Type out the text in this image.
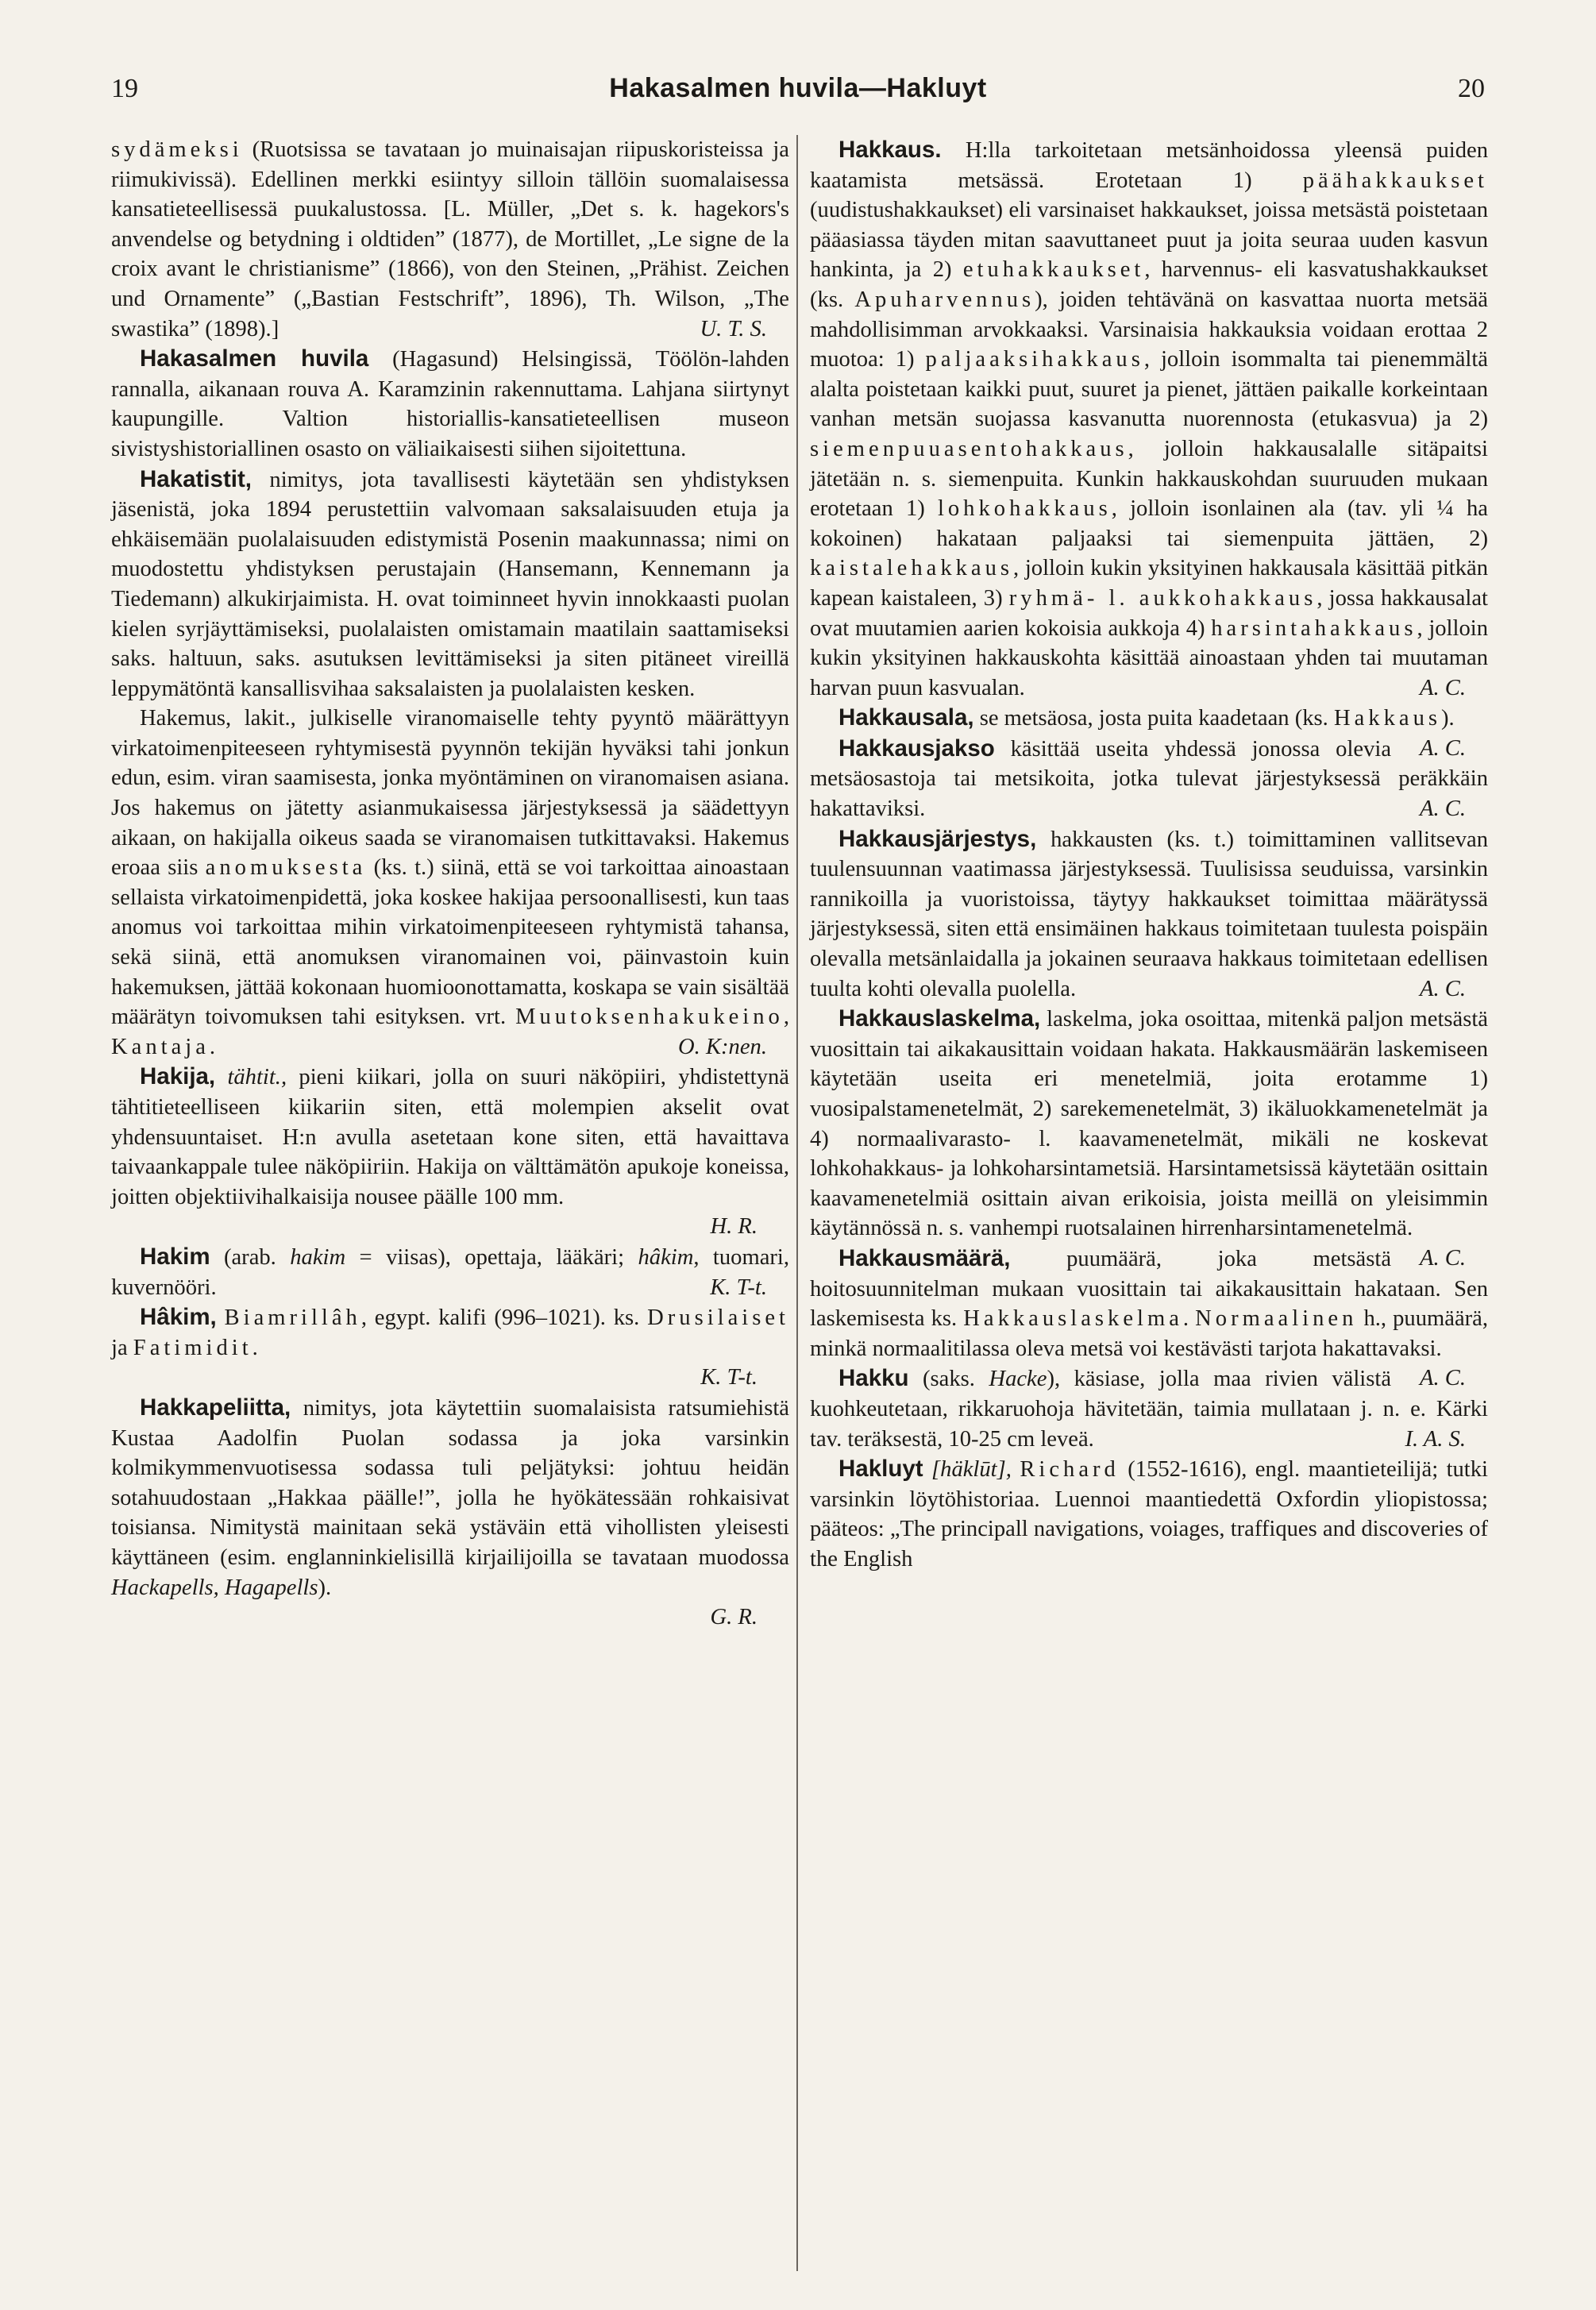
19	Hakasalmen huvila—Hakluyt	20

sydämeksi (Ruotsissa se tavataan jo muinaisajan riipuskoristeissa ja riimukivissä). Edellinen merkki esiintyy silloin tällöin suomalaisessa kansatieteellisessä puukalustossa. [L. Müller, „Det s. k. hagekors's anvendelse og betydning i oldtiden” (1877), de Mortillet, „Le signe de la croix avant le christianisme” (1866), von den Steinen, „Prähist. Zeichen und Ornamente” („Bastian Festschrift”, 1896), Th. Wilson, „The swastika” (1898).]	U. T. S.

Hakasalmen huvila (Hagasund) Helsingissä, Töölön-lahden rannalla, aikanaan rouva A. Karamzinin rakennuttama. Lahjana siirtynyt kaupungille. Valtion historiallis-kansatieteellisen museon sivistyshistoriallinen osasto on väliaikaisesti siihen sijoitettuna.

Hakatistit, nimitys, jota tavallisesti käytetään sen yhdistyksen jäsenistä, joka 1894 perustettiin valvomaan saksalaisuuden etuja ja ehkäisemään puolalaisuuden edistymistä Posenin maakunnassa; nimi on muodostettu yhdistyksen perustajain (Hansemann, Kennemann ja Tiedemann) alkukirjaimista. H. ovat toiminneet hyvin innokkaasti puolan kielen syrjäyttämiseksi, puolalaisten omistamain maatilain saattamiseksi saks. haltuun, saks. asutuksen levittämiseksi ja siten pitäneet vireillä leppymätöntä kansallisvihaa saksalaisten ja puolalaisten kesken.

Hakemus, lakit., julkiselle viranomaiselle tehty pyyntö määrättyyn virkatoimenpiteeseen ryhtymisestä pyynnön tekijän hyväksi tahi jonkun edun, esim. viran saamisesta, jonka myöntäminen on viranomaisen asiana. Jos hakemus on jätetty asianmukaisessa järjestyksessä ja säädettyyn aikaan, on hakijalla oikeus saada se viranomaisen tutkittavaksi. Hakemus eroaa siis anomuksesta (ks. t.) siinä, että se voi tarkoittaa ainoastaan sellaista virkatoimenpidettä, joka koskee hakijaa persoonallisesti, kun taas anomus voi tarkoittaa mihin virkatoimenpiteeseen ryhtymistä tahansa, sekä siinä, että anomuksen viranomainen voi, päinvastoin kuin hakemuksen, jättää kokonaan huomioonottamatta, koskapa se vain sisältää määrätyn toivomuksen tahi esityksen. vrt. Muutoksenhakukeino, Kantaja.	O. K:nen.

Hakija, tähtit., pieni kiikari, jolla on suuri näköpiiri, yhdistettynä tähtitieteelliseen kiikariin siten, että molempien akselit ovat yhdensuuntaiset. H:n avulla asetetaan kone siten, että havaittava taivaankappale tulee näköpiiriin. Hakija on välttämätön apukoje koneissa, joitten objektiivihalkaisija nousee päälle 100 mm.
H. R.

Hakim (arab. hakim = viisas), opettaja, lääkäri; hâkim, tuomari, kuvernööri.	K. T-t.

Hâkim, Biamrillâh, egypt. kalifi (996–1021). ks. Drusilaiset ja Fatimidit.
K. T-t.

Hakkapeliitta, nimitys, jota käytettiin suomalaisista ratsumiehistä Kustaa Aadolfin Puolan sodassa ja joka varsinkin kolmikymmenvuotisessa sodassa tuli peljätyksi: johtuu heidän sotahuudostaan „Hakkaa päälle!”, jolla he hyökätessään rohkaisivat toisiansa. Nimitystä mainitaan sekä ystäväin että vihollisten yleisesti käyttäneen (esim. englanninkielisillä kirjailijoilla se tavataan muodossa Hackapells, Hagapells).
G. R.

Hakkaus. H:lla tarkoitetaan metsänhoidossa yleensä puiden kaatamista metsässä. Erotetaan 1) päähakkaukset (uudistushakkaukset) eli varsinaiset hakkaukset, joissa metsästä poistetaan pääasiassa täyden mitan saavuttaneet puut ja joita seuraa uuden kasvun hankinta, ja 2) etuhakkaukset, harvennus- eli kasvatushakkaukset (ks. Apuharvennus), joiden tehtävänä on kasvattaa nuorta metsää mahdollisimman arvokkaaksi. Varsinaisia hakkauksia voidaan erottaa 2 muotoa: 1) paljaaksihakkaus, jolloin isommalta tai pienemmältä alalta poistetaan kaikki puut, suuret ja pienet, jättäen paikalle korkeintaan vanhan metsän suojassa kasvanutta nuorennosta (etukasvua) ja 2) siemenpuuasentohakkaus, jolloin hakkausalalle sitäpaitsi jätetään n. s. siemenpuita. Kunkin hakkauskohdan suuruuden mukaan erotetaan 1) lohkohakkaus, jolloin isonlainen ala (tav. yli ¼ ha kokoinen) hakataan paljaaksi tai siemenpuita jättäen, 2) kaistalehakkaus, jolloin kukin yksityinen hakkausala käsittää pitkän kapean kaistaleen, 3) ryhmä- l. aukkohakkaus, jossa hakkausalat ovat muutamien aarien kokoisia aukkoja 4) harsintahakkaus, jolloin kukin yksityinen hakkauskohta käsittää ainoastaan yhden tai muutaman harvan puun kasvualan.	A. C.

Hakkausala, se metsäosa, josta puita kaadetaan (ks. Hakkaus).
A. C.

Hakkausjakso käsittää useita yhdessä jonossa olevia metsäosastoja tai metsikoita, jotka tulevat järjestyksessä peräkkäin hakattaviksi.	A. C.

Hakkausjärjestys, hakkausten (ks. t.) toimittaminen vallitsevan tuulensuunnan vaatimassa järjestyksessä. Tuulisissa seuduissa, varsinkin rannikoilla ja vuoristoissa, täytyy hakkaukset toimittaa määrätyssä järjestyksessä, siten että ensimäinen hakkaus toimitetaan tuulesta poispäin olevalla metsänlaidalla ja jokainen seuraava hakkaus toimitetaan edellisen tuulta kohti olevalla puolella.	A. C.

Hakkauslaskelma, laskelma, joka osoittaa, mitenkä paljon metsästä vuosittain tai aikakausittain voidaan hakata. Hakkausmäärän laskemiseen käytetään useita eri menetelmiä, joita erotamme 1) vuosipalstamenetelmät, 2) sarekemenetelmät, 3) ikäluokkamenetelmät ja 4) normaalivarasto- l. kaavamenetelmät, mikäli ne koskevat lohkohakkaus- ja lohkoharsintametsiä. Harsintametsissä käytetään osittain kaavamenetelmiä osittain aivan erikoisia, joista meillä on yleisimmin käytännössä n. s. vanhempi ruotsalainen hirrenharsintamenetelmä.
A. C.

Hakkausmäärä, puumäärä, joka metsästä hoitosuunnitelman mukaan vuosittain tai aikakausittain hakataan. Sen laskemisesta ks. Hakkauslaskelma. Normaalinen h., puumäärä, minkä normaalitilassa oleva metsä voi kestävästi tarjota hakattavaksi.
A. C.

Hakku (saks. Hacke), käsiase, jolla maa rivien välistä kuohkeutetaan, rikkaruohoja hävitetään, taimia mullataan j. n. e. Kärki tav. teräksestä, 10-25 cm leveä.	I. A. S.

Hakluyt [häklūt], Richard (1552-1616), engl. maantieteilijä; tutki varsinkin löytöhistoriaa. Luennoi maantiedettä Oxfordin yliopistossa; pääteos: „The principall navigations, voiages, traffiques and discoveries of the English
